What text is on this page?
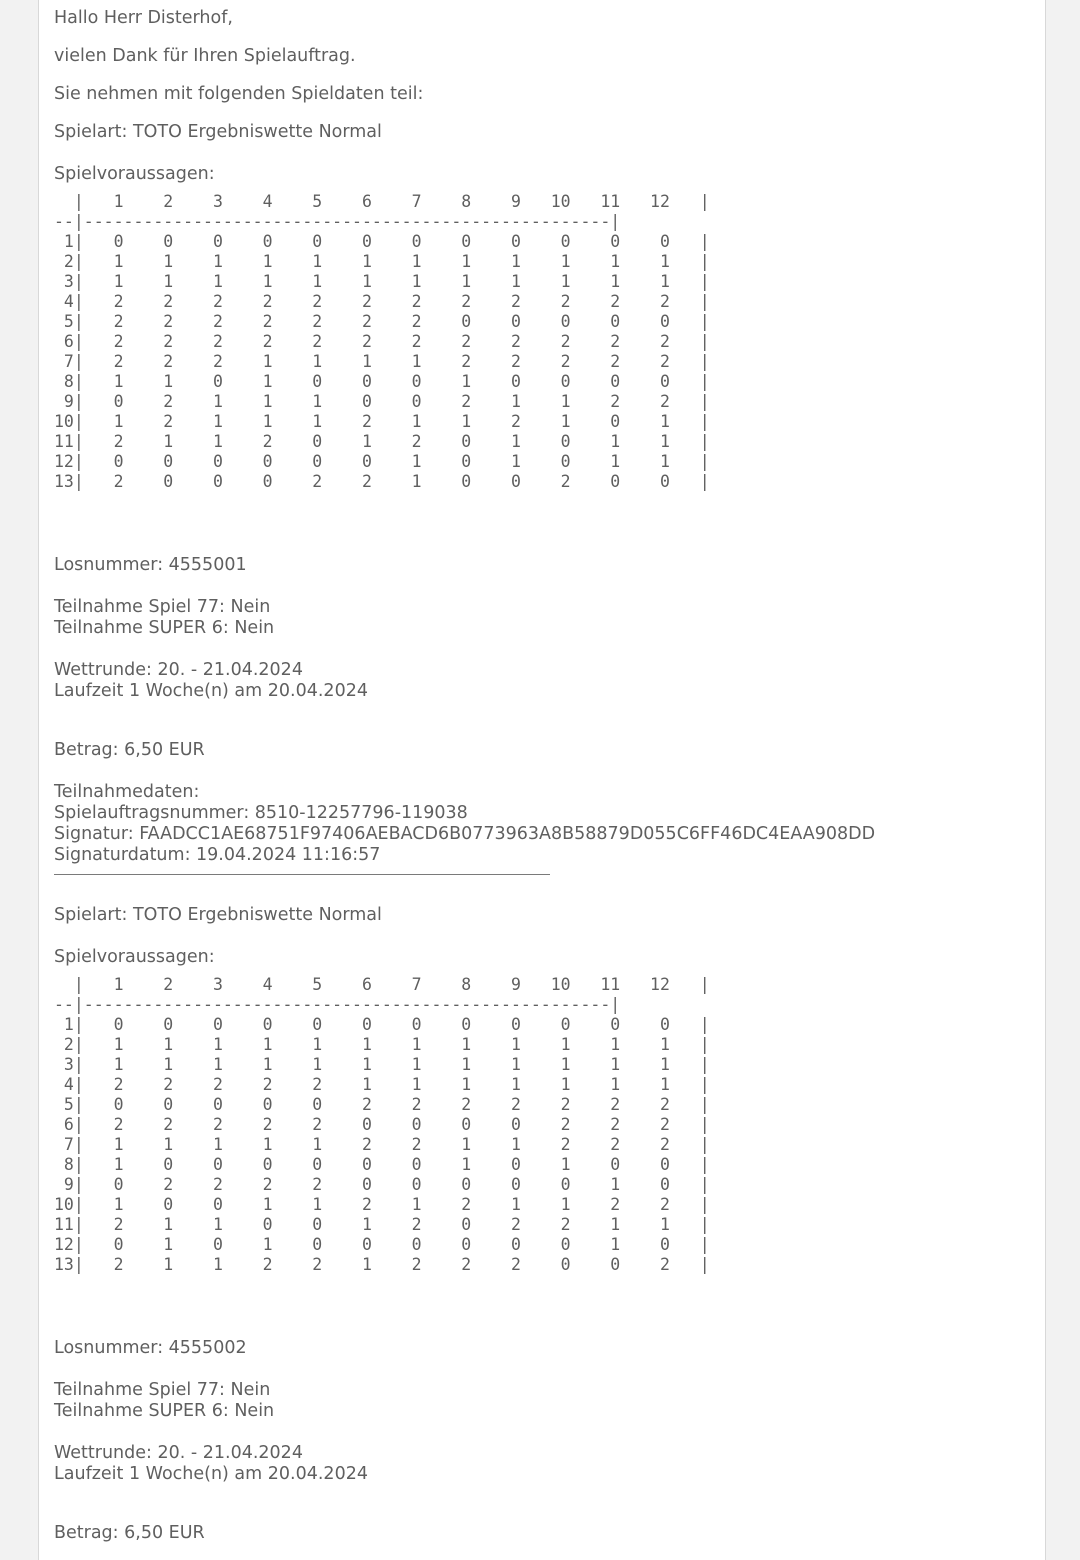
Hallo Herr Disterhof,
vielen Dank für Ihren Spielauftrag.
Sie nehmen mit folgenden Spieldaten teil:
Spielart: TOTO Ergebniswette Normal
Spielvoraussagen:
|   1    2    3    4    5    6    7    8    9   10   11   12   |
--|-----------------------------------------------------|
1|   0    0    0    0    0    0    0    0    0    0    0    0   |
2|   1    1    1    1    1    1    1    1    1    1    1    1   |
3|   1    1    1    1    1    1    1    1    1    1    1    1   |
4|   2    2    2    2    2    2    2    2    2    2    2    2   |
5|   2    2    2    2    2    2    2    0    0    0    0    0   |
6|   2    2    2    2    2    2    2    2    2    2    2    2   |
7|   2    2    2    1    1    1    1    2    2    2    2    2   |
8|   1    1    0    1    0    0    0    1    0    0    0    0   |
9|   0    2    1    1    1    0    0    2    1    1    2    2   |
10|   1    2    1    1    1    2    1    1    2    1    0    1   |
11|   2    1    1    2    0    1    2    0    1    0    1    1   |
12|   0    0    0    0    0    0    1    0    1    0    1    1   |
13|   2    0    0    0    2    2    1    0    0    2    0    0   |
Losnummer: 4555001
Teilnahme Spiel 77: Nein
Teilnahme SUPER 6: Nein
Wettrunde: 20. - 21.04.2024
Laufzeit 1 Woche(n) am 20.04.2024
Betrag: 6,50 EUR
Teilnahmedaten:
Spielauftragsnummer: 8510-12257796-119038
Signatur: FAADCC1AE68751F97406AEBACD6B0773963A8B58879D055C6FF46DC4EAA908DD
Signaturdatum: 19.04.2024 11:16:57
Spielart: TOTO Ergebniswette Normal
Spielvoraussagen:
|   1    2    3    4    5    6    7    8    9   10   11   12   |
--|-----------------------------------------------------|
1|   0    0    0    0    0    0    0    0    0    0    0    0   |
2|   1    1    1    1    1    1    1    1    1    1    1    1   |
3|   1    1    1    1    1    1    1    1    1    1    1    1   |
4|   2    2    2    2    2    1    1    1    1    1    1    1   |
5|   0    0    0    0    0    2    2    2    2    2    2    2   |
6|   2    2    2    2    2    0    0    0    0    2    2    2   |
7|   1    1    1    1    1    2    2    1    1    2    2    2   |
8|   1    0    0    0    0    0    0    1    0    1    0    0   |
9|   0    2    2    2    2    0    0    0    0    0    1    0   |
10|   1    0    0    1    1    2    1    2    1    1    2    2   |
11|   2    1    1    0    0    1    2    0    2    2    1    1   |
12|   0    1    0    1    0    0    0    0    0    0    1    0   |
13|   2    1    1    2    2    1    2    2    2    0    0    2   |
Losnummer: 4555002
Teilnahme Spiel 77: Nein
Teilnahme SUPER 6: Nein
Wettrunde: 20. - 21.04.2024
Laufzeit 1 Woche(n) am 20.04.2024
Betrag: 6,50 EUR
